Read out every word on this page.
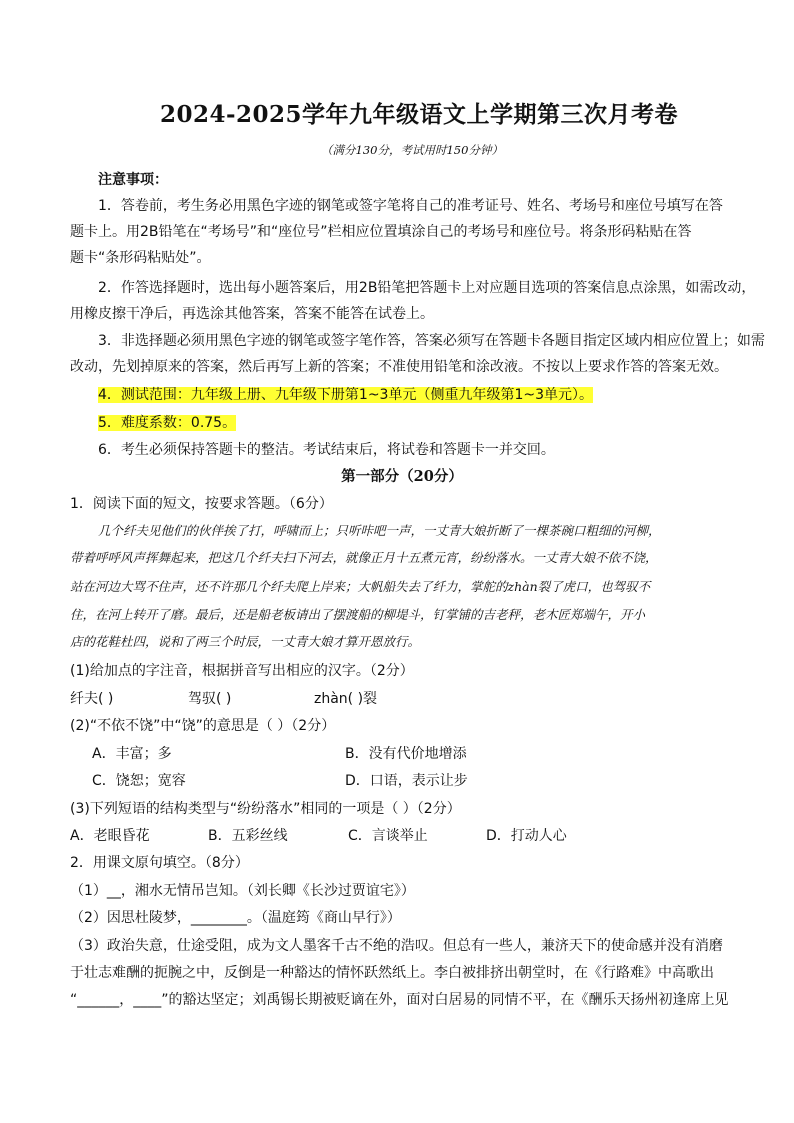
2024-2025学年九年级语文上学期第三次月考卷
（满分130分，考试用时150分钟）
注意事项：
1．答卷前，考生务必用黑色字迹的钢笔或签字笔将自己的准考证号、姓名、考场号和座位号填写在答
题卡上。用2B铅笔在“考场号”和“座位号”栏相应位置填涂自己的考场号和座位号。将条形码粘贴在答
题卡“条形码粘贴处”。
2．作答选择题时，选出每小题答案后，用2B铅笔把答题卡上对应题目选项的答案信息点涂黑，如需改动，
用橡皮擦干净后，再选涂其他答案，答案不能答在试卷上。
3．非选择题必须用黑色字迹的钢笔或签字笔作答，答案必须写在答题卡各题目指定区域内相应位置上；如需
改动，先划掉原来的答案，然后再写上新的答案；不准使用铅笔和涂改液。不按以上要求作答的答案无效。
4．测试范围：九年级上册、九年级下册第1~3单元（侧重九年级第1~3单元）。
5．难度系数：0.75。
6．考生必须保持答题卡的整洁。考试结束后，将试卷和答题卡一并交回。
第一部分（20分）
1．阅读下面的短文，按要求答题。（6分）
几个纤夫见他们的伙伴挨了打，呼啸而上；只听咔吧一声，一丈青大娘折断了一棵茶碗口粗细的河柳，
带着呼呼风声挥舞起来，把这几个纤夫扫下河去，就像正月十五煮元宵，纷纷落水。一丈青大娘不依不饶，
站在河边大骂不住声，还不许那几个纤夫爬上岸来；大帆船失去了纤力，掌舵的zhàn裂了虎口，也驾驭不
住，在河上转开了磨。最后，还是船老板请出了摆渡船的柳堤斗，钉掌铺的吉老秤，老木匠郑端午，开小
店的花鞋杜四，说和了两三个时辰，一丈青大娘才算开恩放行。
(1)给加点的字注音，根据拼音写出相应的汉字。（2分）
纤夫( )	驾驭( )	zhàn( )裂
(2)“不依不饶”中“饶”的意思是（ ）（2分）
A．丰富；多	B．没有代价地增添
C．饶恕；宽容	D．口语，表示让步
(3)下列短语的结构类型与“纷纷落水”相同的一项是（ ）（2分）
A．老眼昏花	B．五彩丝线	C．言谈举止	D．打动人心
2．用课文原句填空。（8分）
（1）__，湘水无情吊岂知。（刘长卿《长沙过贾谊宅》）
（2）因思杜陵梦，________。（温庭筠《商山早行》）
（3）政治失意，仕途受阻，成为文人墨客千古不绝的浩叹。但总有一些人，兼济天下的使命感并没有消磨
于壮志难酬的扼腕之中，反倒是一种豁达的情怀跃然纸上。李白被排挤出朝堂时，在《行路难》中高歌出
“______，____”的豁达坚定；刘禹锡长期被贬谪在外，面对白居易的同情不平，在《酬乐天扬州初逢席上见
